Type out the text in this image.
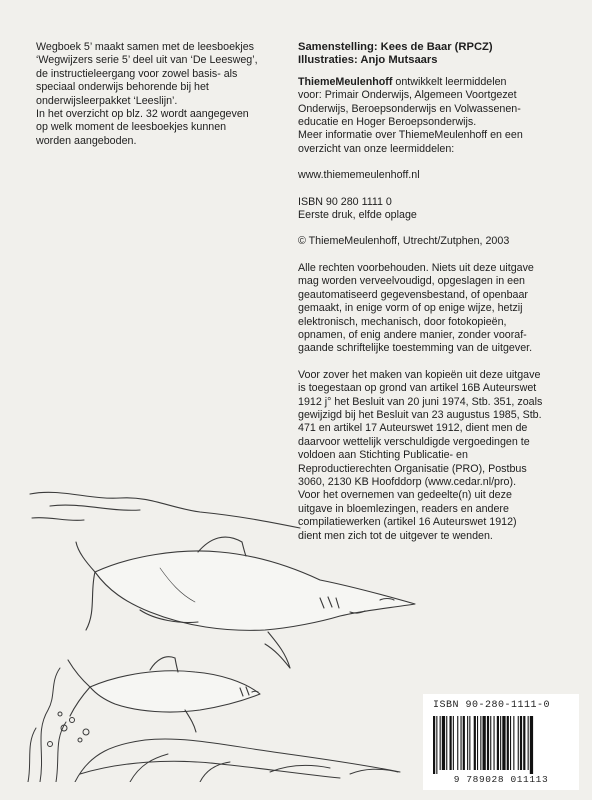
Wegboek 5’ maakt samen met de leesboekjes
‘Wegwijzers serie 5’ deel uit van ‘De Leesweg’,
de instructieleergang voor zowel basis- als
speciaal onderwijs behorende bij het
onderwijsleerpakket ‘Leeslijn’.
In het overzicht op blz. 32 wordt aangegeven
op welk moment de leesboekjes kunnen
worden aangeboden.
Samenstelling: Kees de Baar (RPCZ)
Illustraties: Anjo Mutsaars
ThiemeMeulenhoff ontwikkelt leermiddelen
voor: Primair Onderwijs, Algemeen Voortgezet
Onderwijs, Beroepsonderwijs en Volwassenen-
educatie en Hoger Beroepsonderwijs.
Meer informatie over ThiemeMeulenhoff en een
overzicht van onze leermiddelen:
www.thiememeulenhoff.nl
ISBN 90 280 1111 0
Eerste druk, elfde oplage
© ThiemeMeulenhoff, Utrecht/Zutphen, 2003
Alle rechten voorbehouden. Niets uit deze uitgave
mag worden verveelvoudigd, opgeslagen in een
geautomatiseerd gegevensbestand, of openbaar
gemaakt, in enige vorm of op enige wijze, hetzij
elektronisch, mechanisch, door fotokopieën,
opnamen, of enig andere manier, zonder vooraf-
gaande schriftelijke toestemming van de uitgever.
Voor zover het maken van kopieën uit deze uitgave
is toegestaan op grond van artikel 16B Auteurswet
1912 j° het Besluit van 20 juni 1974, Stb. 351, zoals
gewijzigd bij het Besluit van 23 augustus 1985, Stb.
471 en artikel 17 Auteurswet 1912, dient men de
daarvoor wettelijk verschuldigde vergoedingen te
voldoen aan Stichting Publicatie- en
Reproductierechten Organisatie (PRO), Postbus
3060, 2130 KB Hoofddorp (www.cedar.nl/pro).
Voor het overnemen van gedeelte(n) uit deze
uitgave in bloemlezingen, readers en andere
compilatiewerken (artikel 16 Auteurswet 1912)
dient men zich tot de uitgever te wenden.
ISBN 90-280-1111-0
9 789028 011113
